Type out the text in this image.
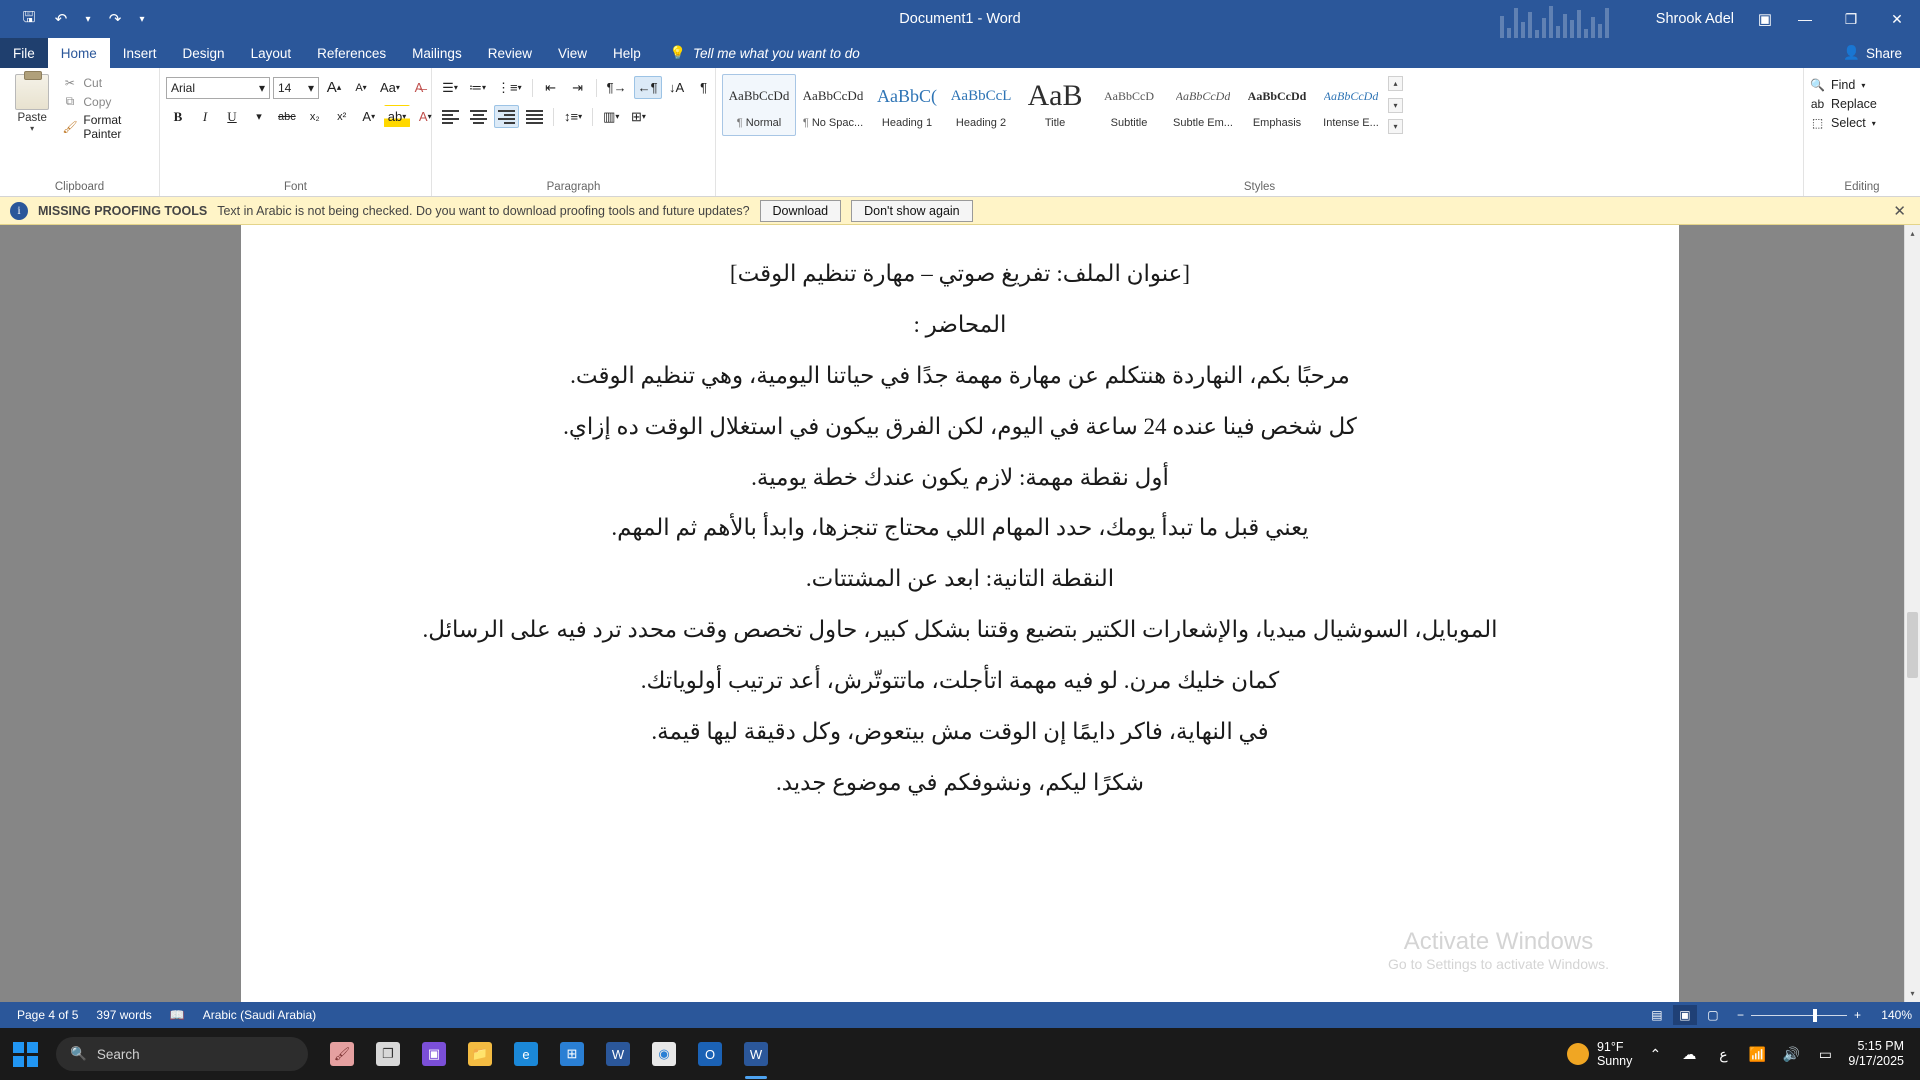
🖫	↶	▾	↷	▾	Document1 - Word	Shrook Adel	▣	—	❐	✕
File	Home	Insert	Design	Layout	References	Mailings	Review	View	Help	💡 Tell me what you want to do	👤 Share
Paste
▾
✂ Cut
⧉ Copy
🖌 Format Painter
Clipboard
Arial	▾ 14 ▾ A ▴	A ▾	Aa ▾	A̶
B	I	U	▾	abc	x₂	x²	A ▾ ab ▾ A ▾
Font
☰ ▾ ≔ ▾ ⋮≡ ▾	⇤	⇥	¶→ ←¶ ↓A	¶
↕≡ ▾	▥ ▾ ⊞ ▾
Paragraph
AaBbCcDd
¶ Normal
AaBbCcDd
¶ No Spac...
AaBbC(
Heading 1
AaBbCcL
Heading 2
AaB
Title
AaBbCcD
Subtitle
AaBbCcDd
Subtle Em...
AaBbCcDd
Emphasis
AaBbCcDd
Intense E...
▴
▾
▾
Styles
🔍 Find ▾
ab Replace
⬚ Select ▾
Editing
i	MISSING PROOFING TOOLS Text in Arabic is not being checked. Do you want to download proofing tools and future updates?	Download	Don't show again	✕

[عنوان الملف: تفريغ صوتي – مهارة تنظيم الوقت]

المحاضر :

مرحبًا بكم، النهاردة هنتكلم عن مهارة مهمة جدًا في حياتنا اليومية، وهي تنظيم الوقت.

كل شخص فينا عنده 24 ساعة في اليوم، لكن الفرق بيكون في استغلال الوقت ده إزاي.

أول نقطة مهمة: لازم يكون عندك خطة يومية.

يعني قبل ما تبدأ يومك، حدد المهام اللي محتاج تنجزها، وابدأ بالأهم ثم المهم.

النقطة التانية: ابعد عن المشتتات.

الموبايل، السوشيال ميديا، والإشعارات الكتير بتضيع وقتنا بشكل كبير، حاول تخصص وقت محدد ترد فيه على الرسائل.

كمان خليك مرن. لو فيه مهمة اتأجلت، ماتتوتّرش، أعد ترتيب أولوياتك.

في النهاية، فاكر دايمًا إن الوقت مش بيتعوض، وكل دقيقة ليها قيمة.

شكرًا ليكم، ونشوفكم في موضوع جديد.

Activate Windows
Go to Settings to activate Windows.
▴
▾
Page 4 of 5	397 words	📖	Arabic (Saudi Arabia)	▤	▣	▢	−	+	140%
🔍 Search	🖌	❐	▣	📁	e	⊞	W	◉	O	W	91°F
Sunny	⌃	☁	ع	📶 🔊	▭	5:15 PM
9/17/2025
